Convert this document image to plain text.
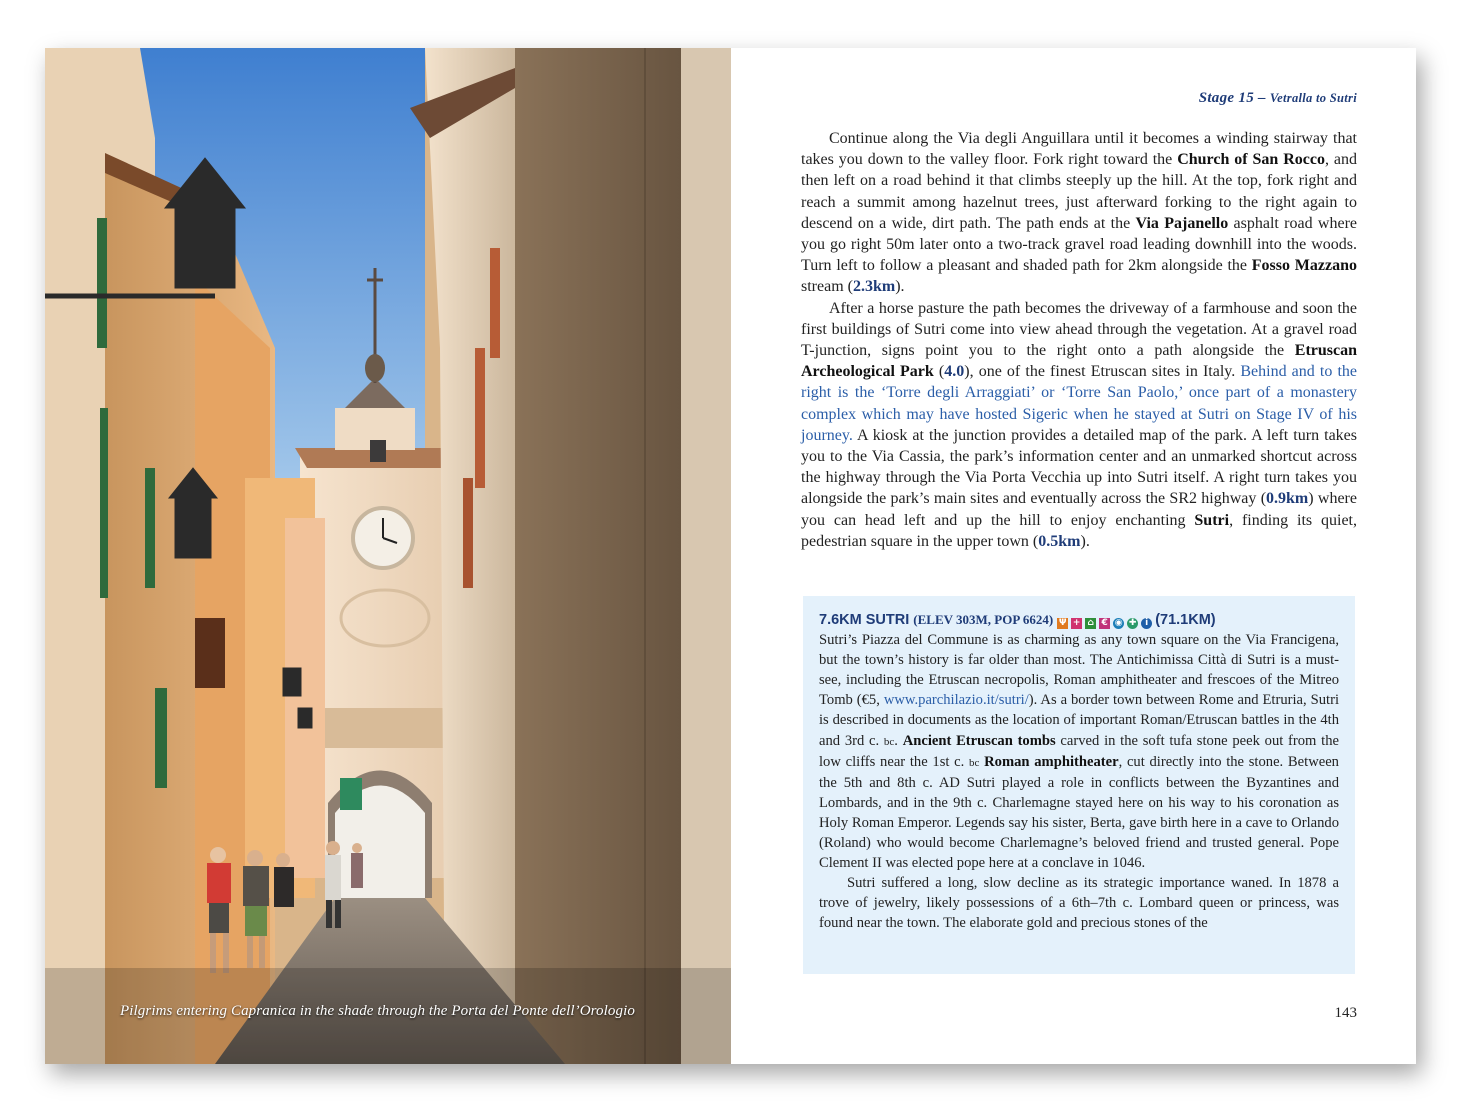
Pilgrims entering Capranica in the shade through the Porta del Ponte dell’Orologio
Stage 15 – Vetralla to Sutri

Continue along the Via degli Anguillara until it becomes a winding stairway that takes you down to the valley floor. Fork right toward the Church of San Rocco, and then left on a road behind it that climbs steeply up the hill. At the top, fork right and reach a summit among hazelnut trees, just afterward forking to the right again to descend on a wide, dirt path. The path ends at the Via Pajanello asphalt road where you go right 50m later onto a two-track gravel road leading downhill into the woods. Turn left to follow a pleasant and shaded path for 2km alongside the Fosso Mazzano stream (2.3km).

After a horse pasture the path becomes the driveway of a farmhouse and soon the first buildings of Sutri come into view ahead through the vegetation. At a gravel road T-junction, signs point you to the right onto a path alongside the Etruscan Archeological Park (4.0), one of the finest Etruscan sites in Italy. Behind and to the right is the ‘Torre degli Arraggiati’ or ‘Torre San Paolo,’ once part of a monastery complex which may have hosted Sigeric when he stayed at Sutri on Stage IV of his journey. A kiosk at the junction provides a detailed map of the park. A left turn takes you to the Via Cassia, the park’s information center and an unmarked shortcut across the highway through the Via Porta Vecchia up into Sutri itself. A right turn takes you alongside the park’s main sites and eventually across the SR2 highway (0.9km) where you can head left and up the hill to enjoy enchanting Sutri, finding its quiet, pedestrian square in the upper town (0.5km).

7.6KM SUTRI (ELEV 303M, POP 6624) Ψ + ⌂ € ◉ ✚ i (71.1KM)

Sutri’s Piazza del Commune is as charming as any town square on the Via Francigena, but the town’s history is far older than most. The Antichimissa Città di Sutri is a must-see, including the Etruscan necropolis, Roman amphitheater and frescoes of the Mitreo Tomb (€5, www.parchilazio.it/sutri/). As a border town between Rome and Etruria, Sutri is described in documents as the location of important Roman/Etruscan battles in the 4th and 3rd c. bc. Ancient Etruscan tombs carved in the soft tufa stone peek out from the low cliffs near the 1st c. bc Roman amphitheater, cut directly into the stone. Between the 5th and 8th c. AD Sutri played a role in conflicts between the Byzantines and Lombards, and in the 9th c. Charlemagne stayed here on his way to his coronation as Holy Roman Emperor. Legends say his sister, Berta, gave birth here in a cave to Orlando (Roland) who would become Charlemagne’s beloved friend and trusted general. Pope Clement II was elected pope here at a conclave in 1046.

Sutri suffered a long, slow decline as its strategic importance waned. In 1878 a trove of jewelry, likely possessions of a 6th–7th c. Lombard queen or princess, was found near the town. The elaborate gold and precious stones of the

143
